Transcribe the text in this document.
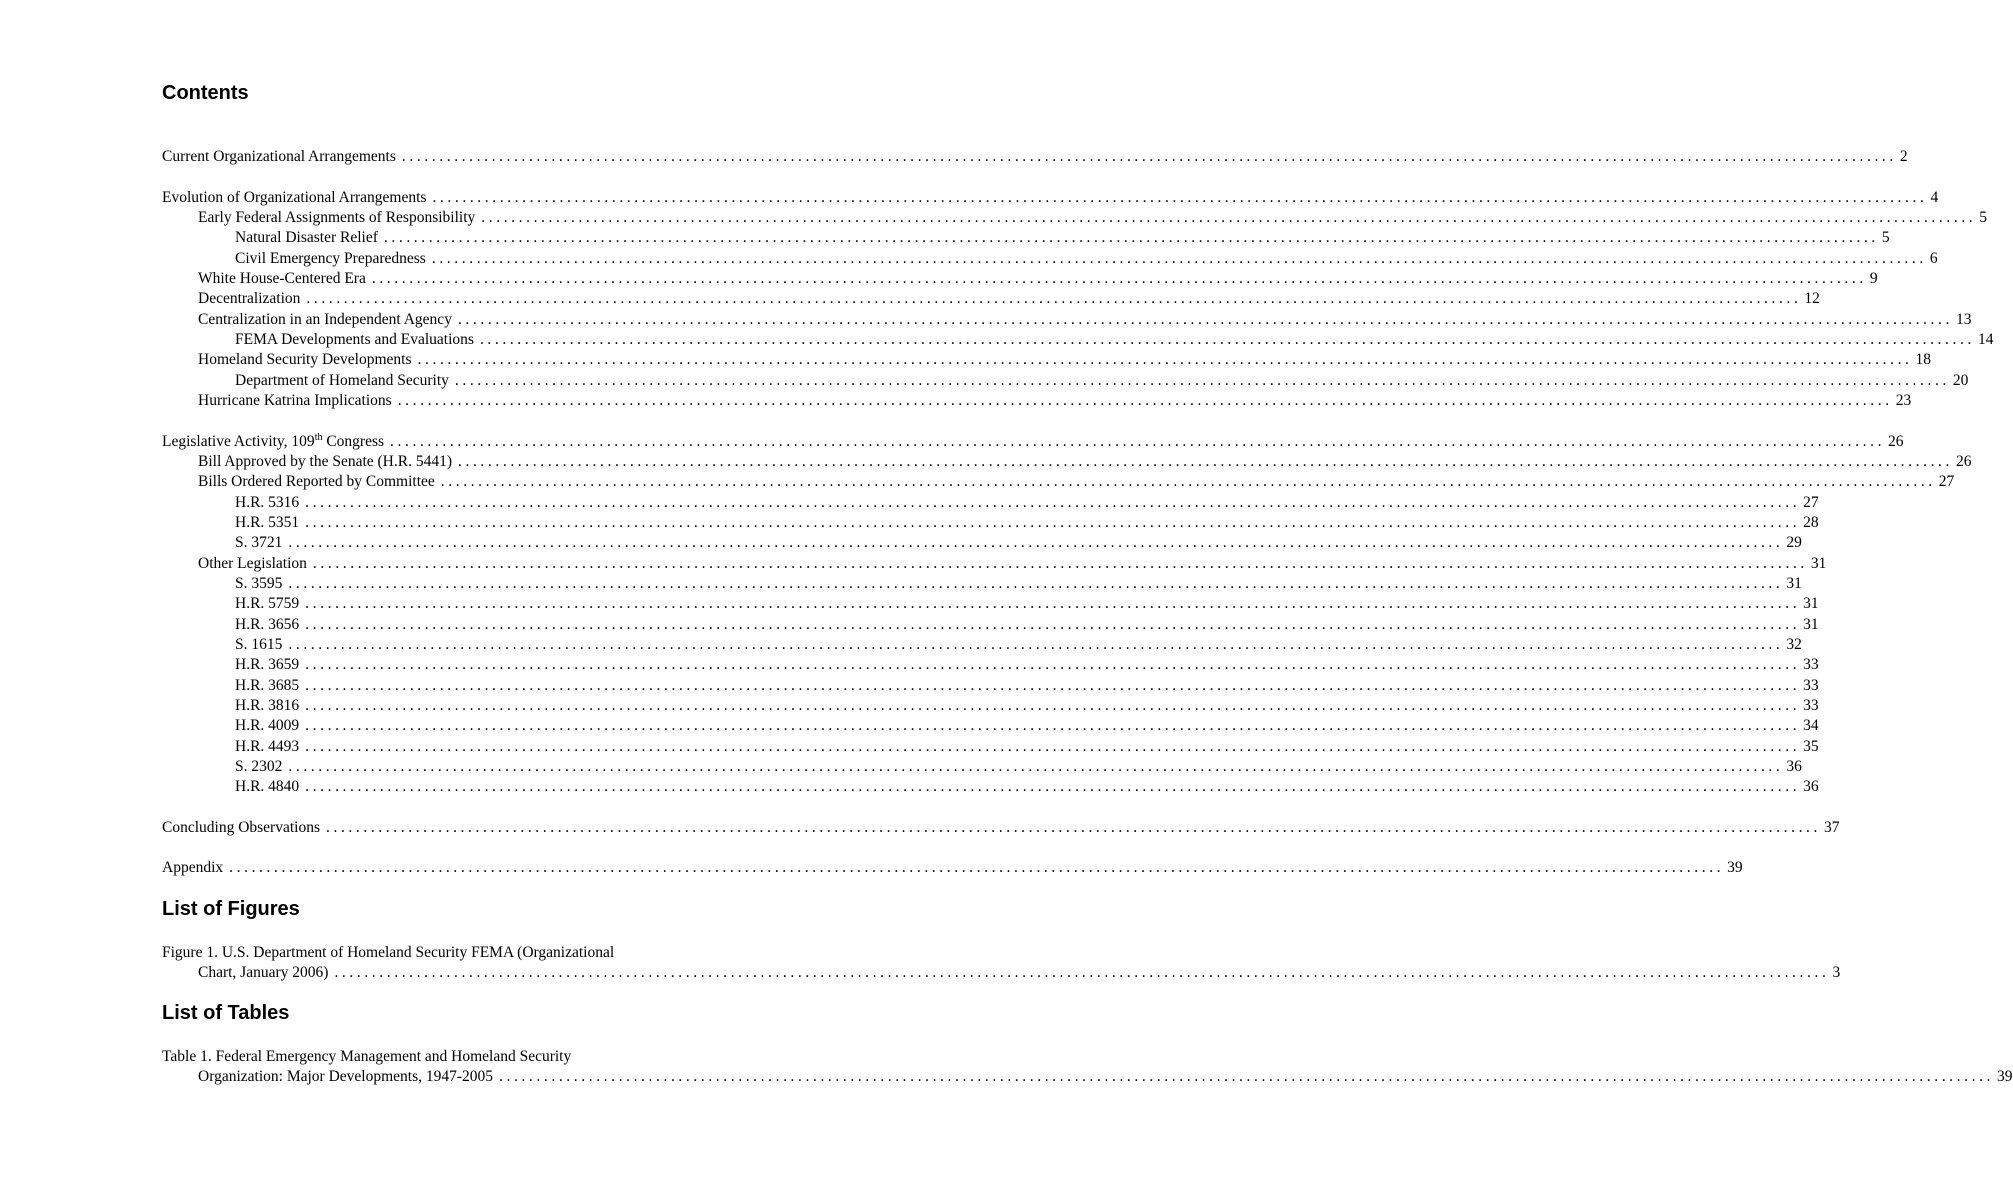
Contents
Current Organizational Arrangements ........................................................................................................................................................................................................ 2
Evolution of Organizational Arrangements ........................................................................................................................................................................................................ 4
Early Federal Assignments of Responsibility ........................................................................................................................................................................................................ 5
Natural Disaster Relief ........................................................................................................................................................................................................ 5
Civil Emergency Preparedness ........................................................................................................................................................................................................ 6
White House-Centered Era ........................................................................................................................................................................................................ 9
Decentralization ........................................................................................................................................................................................................ 12
Centralization in an Independent Agency ........................................................................................................................................................................................................ 13
FEMA Developments and Evaluations ........................................................................................................................................................................................................ 14
Homeland Security Developments ........................................................................................................................................................................................................ 18
Department of Homeland Security ........................................................................................................................................................................................................ 20
Hurricane Katrina Implications ........................................................................................................................................................................................................ 23
Legislative Activity, 109th Congress ........................................................................................................................................................................................................ 26
Bill Approved by the Senate (H.R. 5441) ........................................................................................................................................................................................................ 26
Bills Ordered Reported by Committee ........................................................................................................................................................................................................ 27
H.R. 5316 ........................................................................................................................................................................................................ 27
H.R. 5351 ........................................................................................................................................................................................................ 28
S. 3721 ........................................................................................................................................................................................................ 29
Other Legislation ........................................................................................................................................................................................................ 31
S. 3595 ........................................................................................................................................................................................................ 31
H.R. 5759 ........................................................................................................................................................................................................ 31
H.R. 3656 ........................................................................................................................................................................................................ 31
S. 1615 ........................................................................................................................................................................................................ 32
H.R. 3659 ........................................................................................................................................................................................................ 33
H.R. 3685 ........................................................................................................................................................................................................ 33
H.R. 3816 ........................................................................................................................................................................................................ 33
H.R. 4009 ........................................................................................................................................................................................................ 34
H.R. 4493 ........................................................................................................................................................................................................ 35
S. 2302 ........................................................................................................................................................................................................ 36
H.R. 4840 ........................................................................................................................................................................................................ 36
Concluding Observations ........................................................................................................................................................................................................ 37
Appendix ........................................................................................................................................................................................................ 39
List of Figures
Figure 1. U.S. Department of Homeland Security FEMA (Organizational
Chart, January 2006) ........................................................................................................................................................................................................ 3
List of Tables
Table 1. Federal Emergency Management and Homeland Security
Organization: Major Developments, 1947-2005 ........................................................................................................................................................................................................ 39
